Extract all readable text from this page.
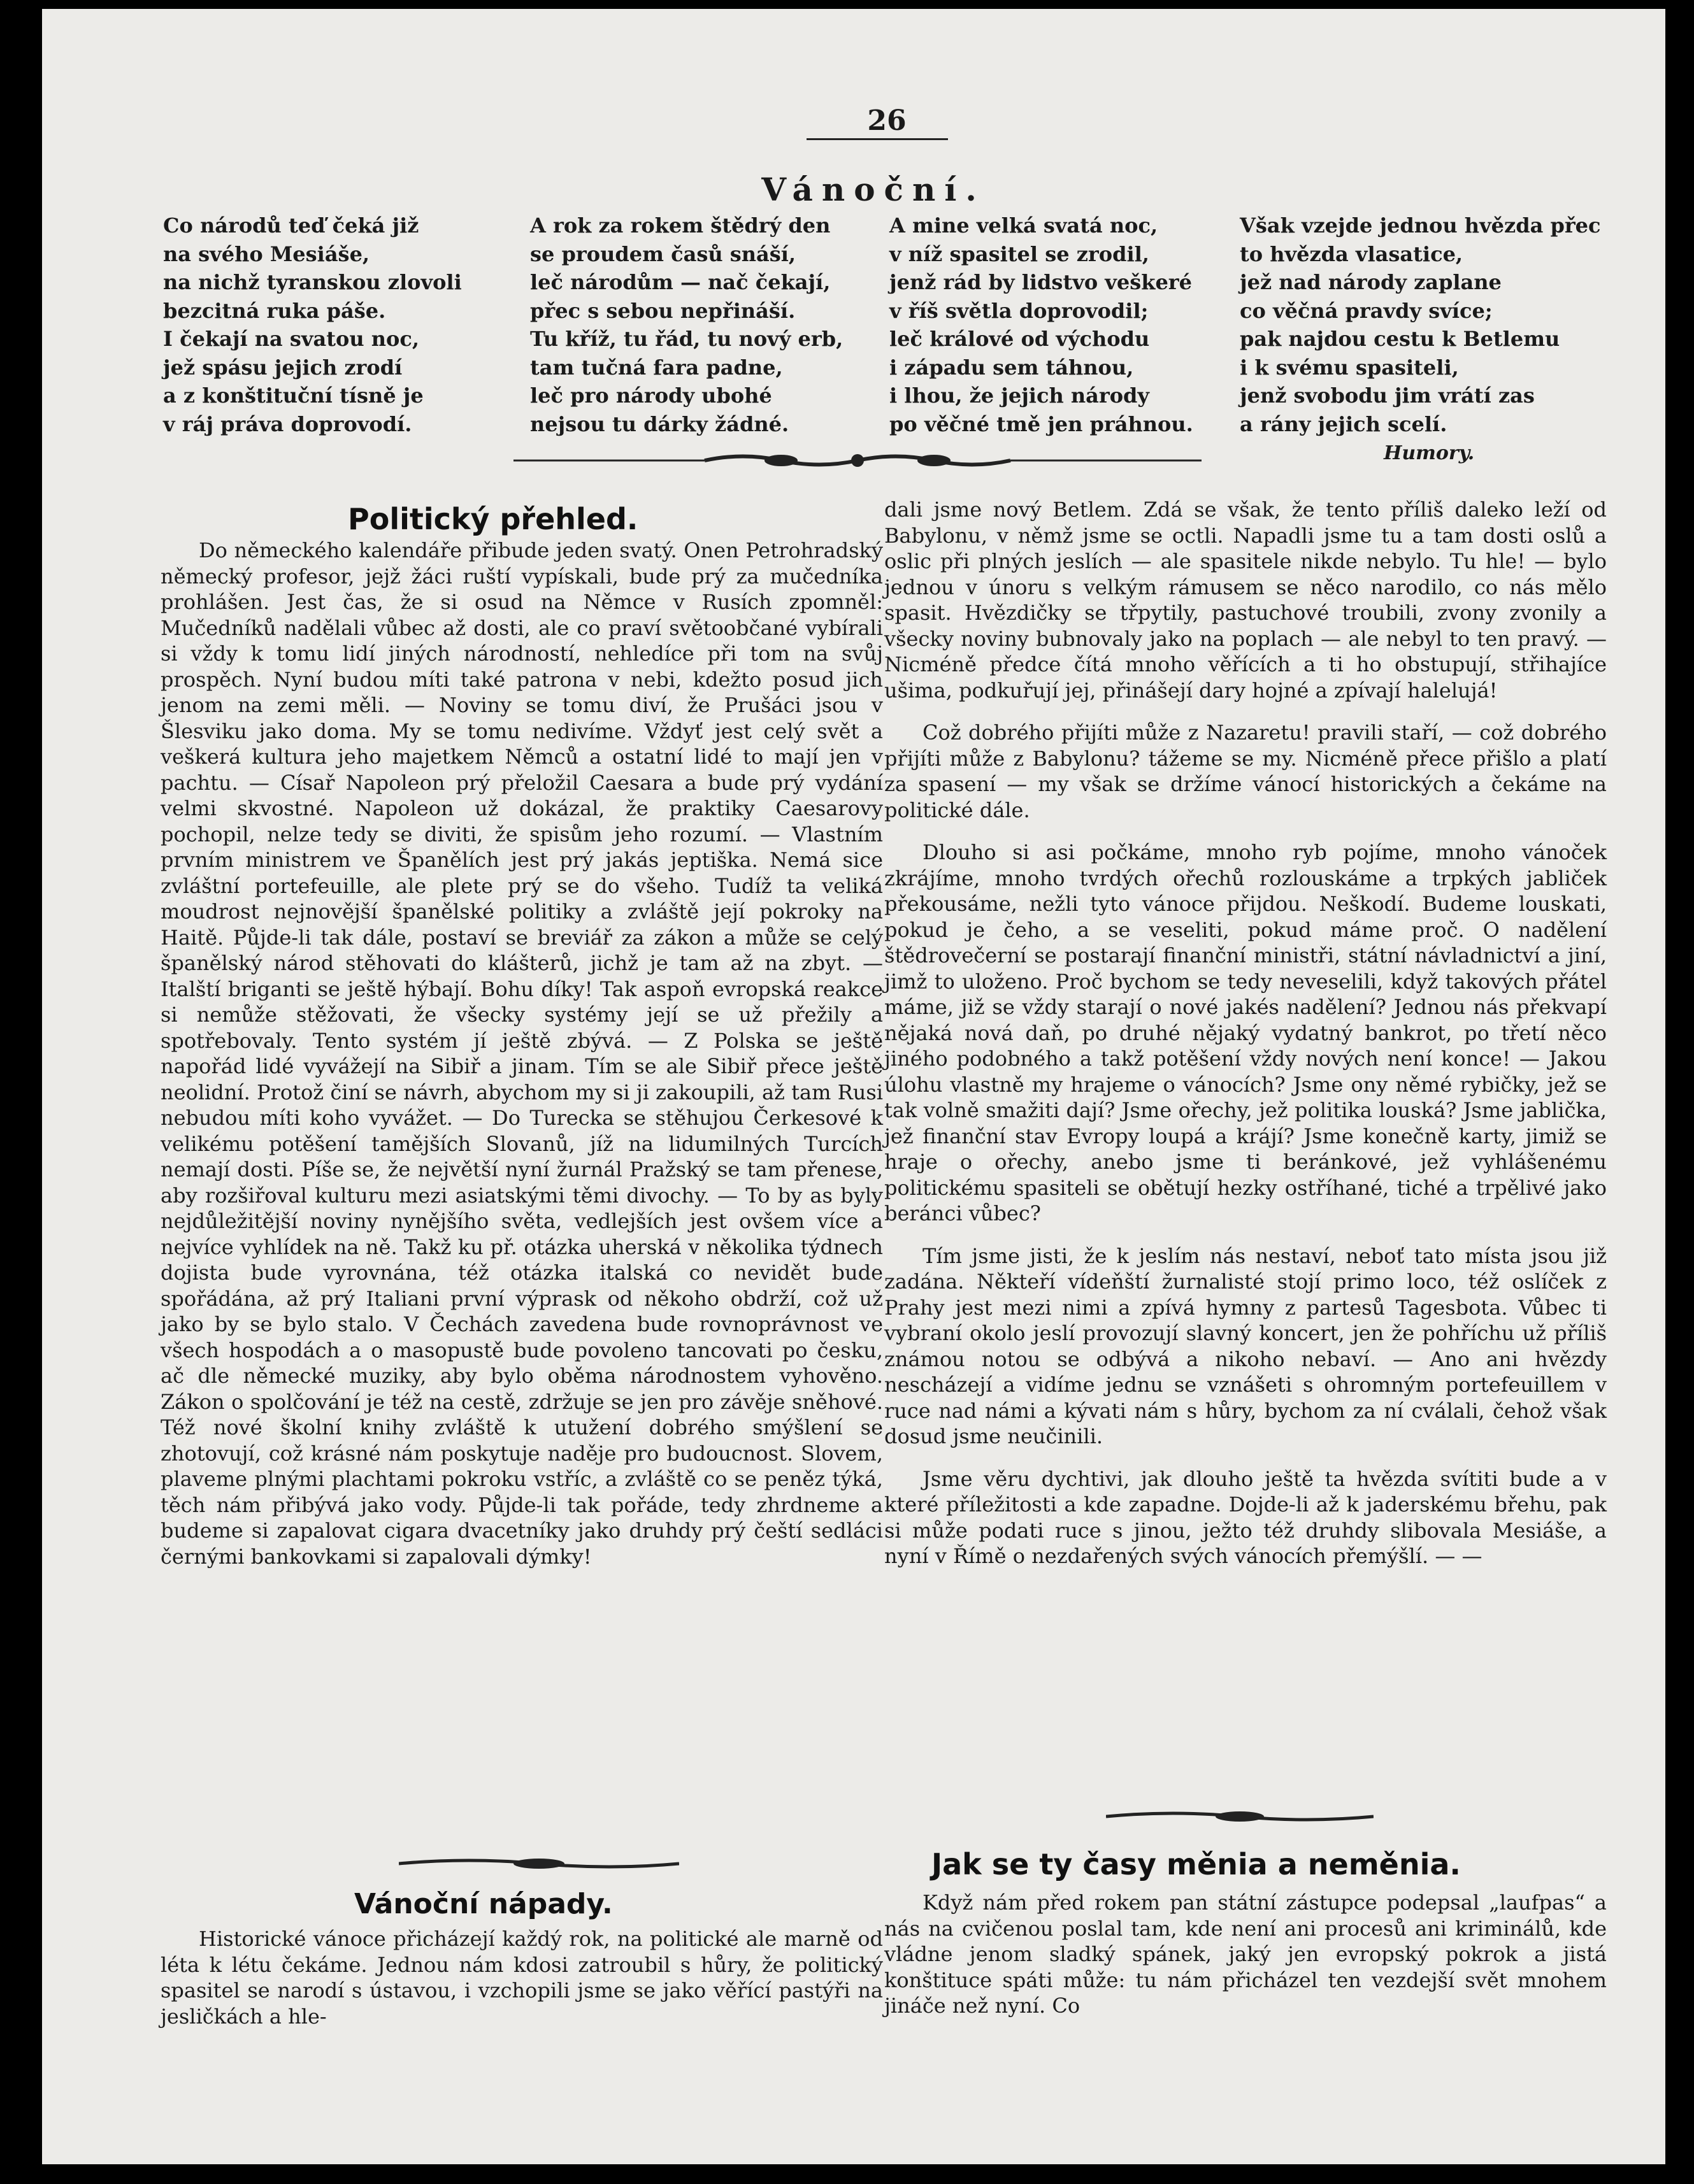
26
Vánoční.
Co národů teď čeká již
na svého Mesiáše,
na nichž tyranskou zlovoli
bezcitná ruka páše.
I čekají na svatou noc,
jež spásu jejich zrodí
a z konštituční tísně je
v ráj práva doprovodí.
A rok za rokem štědrý den
se proudem časů snáší,
leč národům — nač čekají,
přec s sebou nepřináší.
Tu kříž, tu řád, tu nový erb,
tam tučná fara padne,
leč pro národy ubohé
nejsou tu dárky žádné.
A mine velká svatá noc,
v níž spasitel se zrodil,
jenž rád by lidstvo veškeré
v říš světla doprovodil;
leč králové od východu
i západu sem táhnou,
i lhou, že jejich národy
po věčné tmě jen práhnou.
Však vzejde jednou hvězda přec
to hvězda vlasatice,
jež nad národy zaplane
co věčná pravdy svíce;
pak najdou cestu k Betlemu
i k svému spasiteli,
jenž svobodu jim vrátí zas
a rány jejich scelí.
Humory.
Politický přehled.

Do německého kalendáře přibude jeden svatý. Onen Petrohradský německý profesor, jejž žáci ruští vypískali, bude prý za mučedníka prohlášen. Jest čas, že si osud na Němce v Rusích zpomněl: Mučedníků nadělali vůbec až dosti, ale co praví světoobčané vybírali si vždy k tomu lidí jiných národností, nehledíce při tom na svůj prospěch. Nyní budou míti také patrona v nebi, kdežto posud jich jenom na zemi měli. — Noviny se tomu diví, že Prušáci jsou v Šlesviku jako doma. My se tomu nedivíme. Vždyť jest celý svět a veškerá kultura jeho majetkem Němců a ostatní lidé to mají jen v pachtu. — Císař Napoleon prý přeložil Caesara a bude prý vydání velmi skvostné. Napoleon už dokázal, že praktiky Caesarovy pochopil, nelze tedy se diviti, že spisům jeho rozumí. — Vlastním prvním ministrem ve Španělích jest prý jakás jeptiška. Nemá sice zvláštní portefeuille, ale plete prý se do všeho. Tudíž ta veliká moudrost nejnovější španělské politiky a zvláště její pokroky na Haitě. Půjde-li tak dále, postaví se breviář za zákon a může se celý španělský národ stěhovati do klášterů, jichž je tam až na zbyt. — Italští briganti se ještě hýbají. Bohu díky! Tak aspoň evropská reakce si nemůže stěžovati, že všecky systémy její se už přežily a spotřebovaly. Tento systém jí ještě zbývá. — Z Polska se ještě napořád lidé vyvážejí na Sibiř a jinam. Tím se ale Sibiř přece ještě neolidní. Protož činí se návrh, abychom my si ji zakoupili, až tam Rusi nebudou míti koho vyvážet. — Do Turecka se stěhujou Čerkesové k velikému potěšení tamějších Slovanů, jíž na lidumilných Turcích nemají dosti. Píše se, že největší nyní žurnál Pražský se tam přenese, aby rozšiřoval kulturu mezi asiatskými těmi divochy. — To by as byly nejdůležitější noviny nynějšího světa, vedlejších jest ovšem více a nejvíce vyhlídek na ně. Takž ku př. otázka uherská v několika týdnech dojista bude vyrovnána, též otázka italská co nevidět bude spořádána, až prý Italiani první výprask od někoho obdrží, což už jako by se bylo stalo. V Čechách zavedena bude rovnoprávnost ve všech hospodách a o masopustě bude povoleno tancovati po česku, ač dle německé muziky, aby bylo oběma národnostem vyhověno. Zákon o spolčování je též na cestě, zdržuje se jen pro závěje sněhové. Též nové školní knihy zvláště k utužení dobrého smýšlení se zhotovují, což krásné nám poskytuje naděje pro budoucnost. Slovem, plaveme plnými plachtami pokroku vstříc, a zvláště co se peněz týká, těch nám přibývá jako vody. Půjde-li tak pořáde, tedy zhrdneme a budeme si zapalovat cigara dvacetníky jako druhdy prý čeští sedláci černými bankovkami si zapalovali dýmky!

Vánoční nápady.

Historické vánoce přicházejí každý rok, na politické ale marně od léta k létu čekáme. Jednou nám kdosi zatroubil s hůry, že politický spasitel se narodí s ústavou, i vzchopili jsme se jako věřící pastýři na jesličkách a hle-

dali jsme nový Betlem. Zdá se však, že tento příliš daleko leží od Babylonu, v němž jsme se octli. Napadli jsme tu a tam dosti oslů a oslic při plných jeslích — ale spasitele nikde nebylo. Tu hle! — bylo jednou v únoru s velkým rámusem se něco narodilo, co nás mělo spasit. Hvězdičky se třpytily, pastuchové troubili, zvony zvonily a všecky noviny bubnovaly jako na poplach — ale nebyl to ten pravý. — Nicméně předce čítá mnoho věřících a ti ho obstupují, střihajíce ušima, podkuřují jej, přinášejí dary hojné a zpívají halelujá!

Což dobrého přijíti může z Nazaretu! pravili staří, — což dobrého přijíti může z Babylonu? tážeme se my. Nicméně přece přišlo a platí za spasení — my však se držíme vánocí historických a čekáme na politické dále.

Dlouho si asi počkáme, mnoho ryb pojíme, mnoho vánoček zkrájíme, mnoho tvrdých ořechů rozlouskáme a trpkých jabliček překousáme, nežli tyto vánoce přijdou. Neškodí. Budeme louskati, pokud je čeho, a se veseliti, pokud máme proč. O nadělení štědrovečerní se postarají finanční ministři, státní návladnictví a jiní, jimž to uloženo. Proč bychom se tedy neveselili, když takových přátel máme, již se vždy starají o nové jakés nadělení? Jednou nás překvapí nějaká nová daň, po druhé nějaký vydatný bankrot, po třetí něco jiného podobného a takž potěšení vždy nových není konce! — Jakou úlohu vlastně my hrajeme o vánocích? Jsme ony němé rybičky, jež se tak volně smažiti dají? Jsme ořechy, jež politika louská? Jsme jablička, jež finanční stav Evropy loupá a krájí? Jsme konečně karty, jimiž se hraje o ořechy, anebo jsme ti beránkové, jež vyhlášenému politickému spasiteli se obětují hezky ostříhané, tiché a trpělivé jako beránci vůbec?

Tím jsme jisti, že k jeslím nás nestaví, neboť tato místa jsou již zadána. Někteří vídeňští žurnalisté stojí primo loco, též oslíček z Prahy jest mezi nimi a zpívá hymny z partesů Tagesbota. Vůbec ti vybraní okolo jeslí provozují slavný koncert, jen že pohříchu už příliš známou notou se odbývá a nikoho nebaví. — Ano ani hvězdy nescházejí a vidíme jednu se vznášeti s ohromným portefeuillem v ruce nad námi a kývati nám s hůry, bychom za ní cválali, čehož však dosud jsme neučinili.

Jsme věru dychtivi, jak dlouho ještě ta hvězda svítiti bude a v které příležitosti a kde zapadne. Dojde-li až k jaderskému břehu, pak si může podati ruce s jinou, ježto též druhdy slibovala Mesiáše, a nyní v Římě o nezdařených svých vánocích přemýšlí. — —

Jak se ty časy měnia a neměnia.

Když nám před rokem pan státní zástupce podepsal „laufpas“ a nás na cvičenou poslal tam, kde není ani procesů ani kriminálů, kde vládne jenom sladký spánek, jaký jen evropský pokrok a jistá konštituce spáti může: tu nám přicházel ten vezdejší svět mnohem jináče než nyní. Co
